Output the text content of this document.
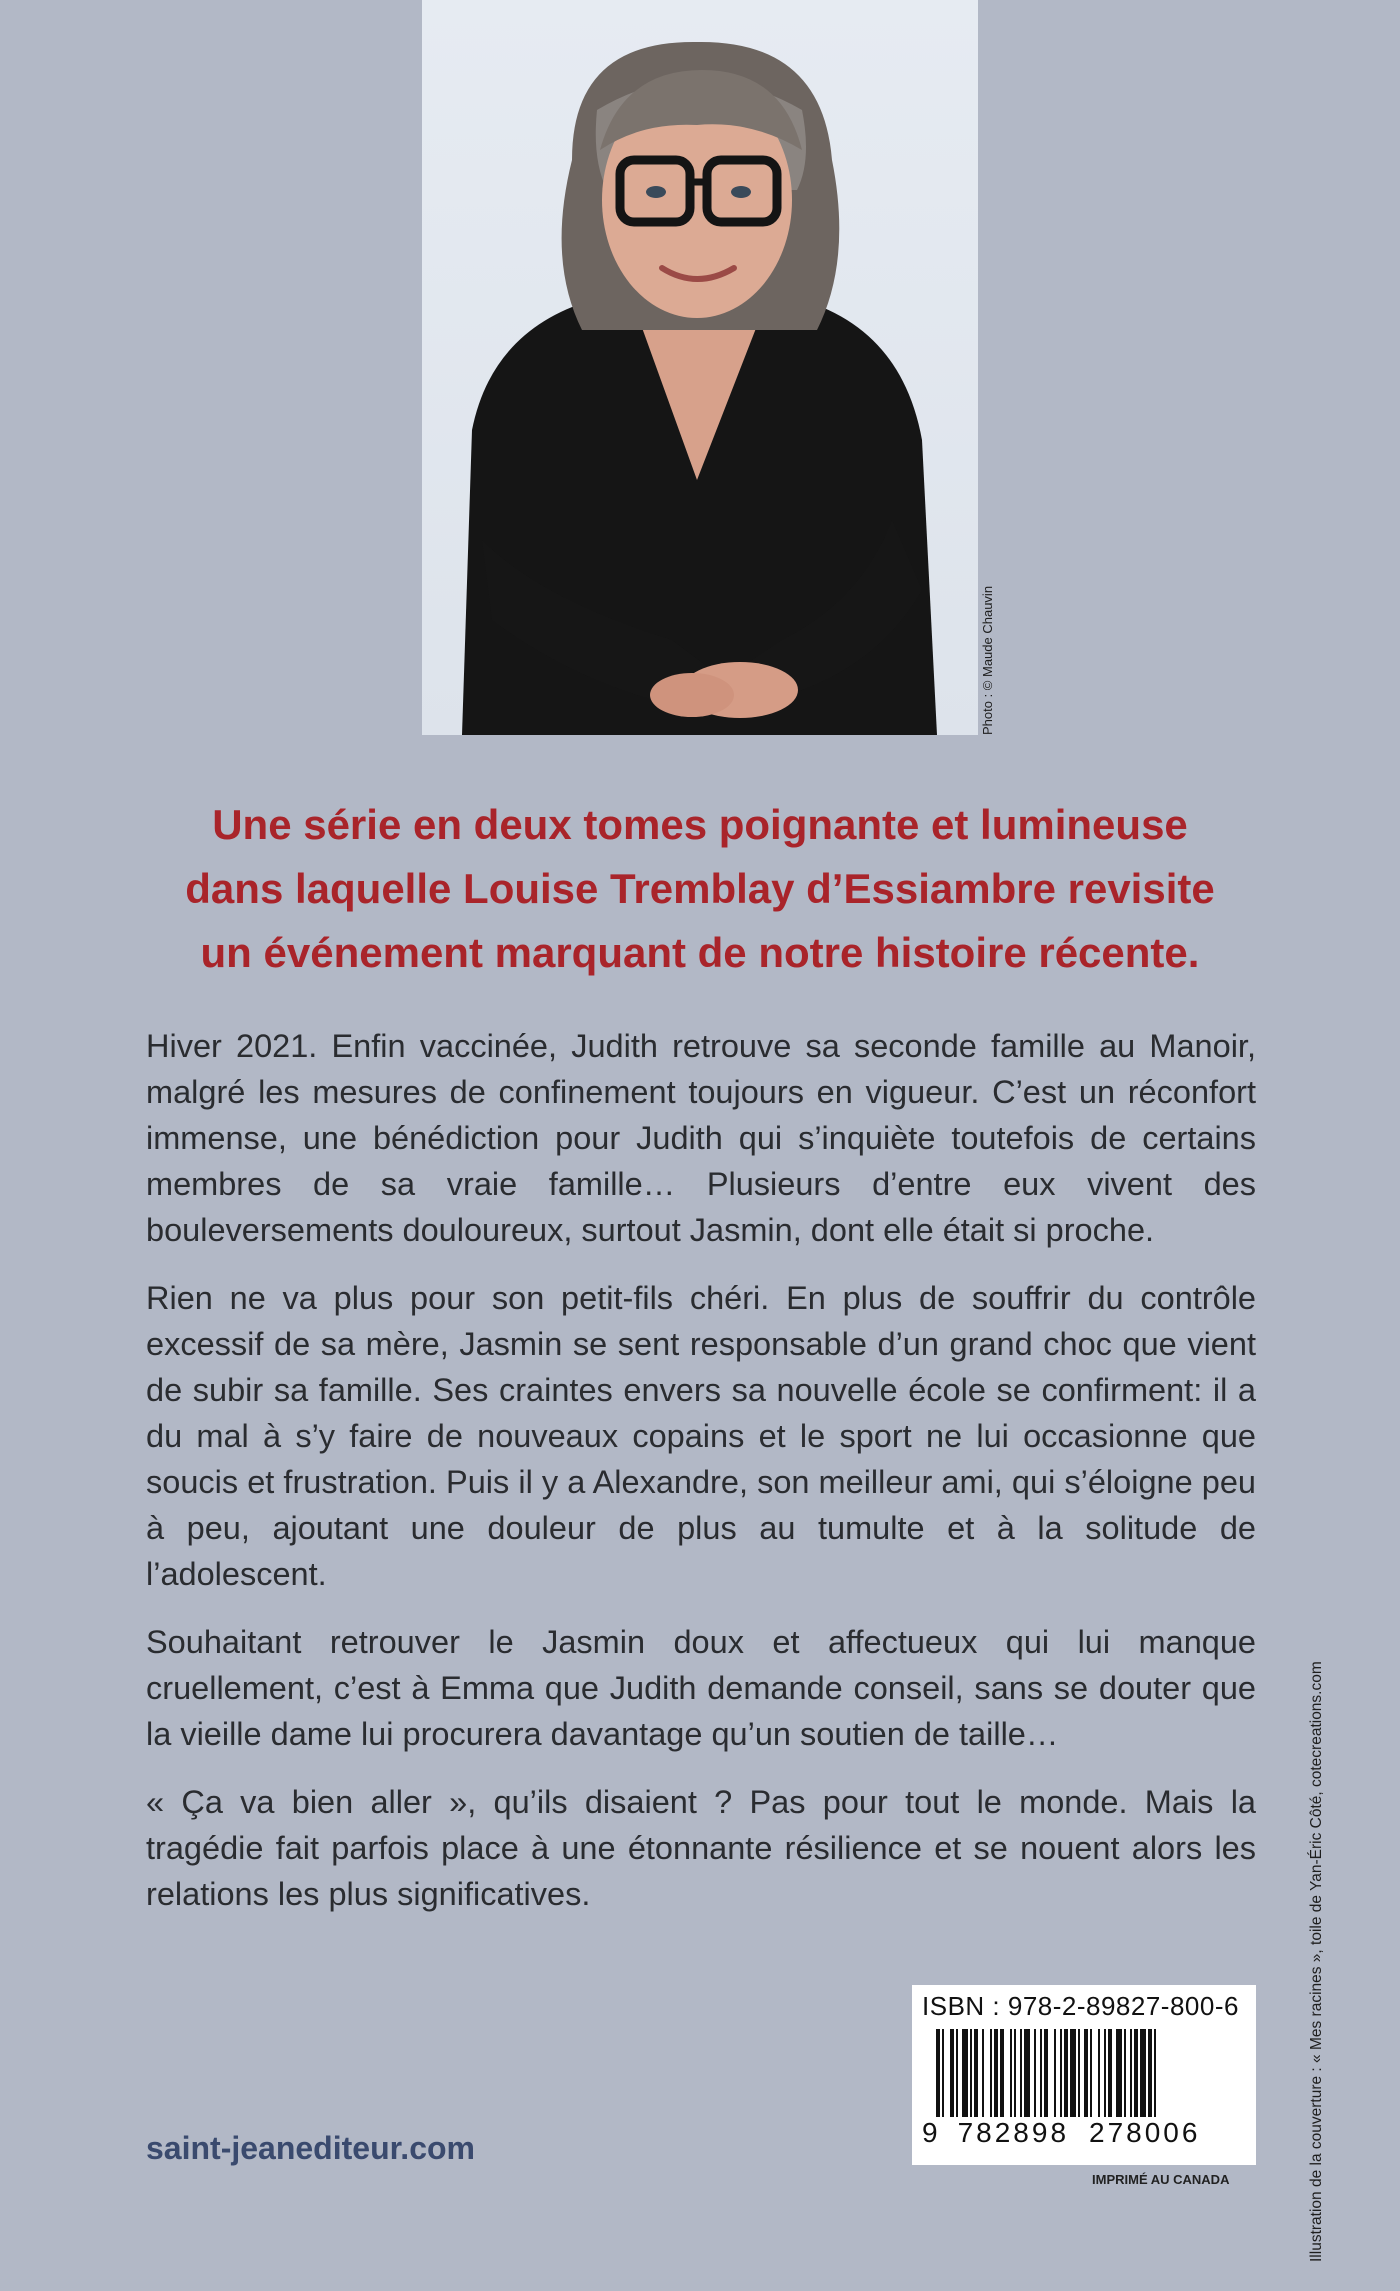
Photo : © Maude Chauvin
Une série en deux tomes poignante et lumineuse
dans laquelle Louise Tremblay d’Essiambre revisite
un événement marquant de notre histoire récente.

Hiver 2021. Enfin vaccinée, Judith retrouve sa seconde famille au Manoir, malgré les mesures de confinement toujours en vigueur. C’est un réconfort immense, une bénédiction pour Judith qui s’inquiète toutefois de certains membres de sa vraie famille… Plusieurs d’entre eux vivent des bouleversements douloureux, surtout Jasmin, dont elle était si proche.

Rien ne va plus pour son petit-fils chéri. En plus de souffrir du contrôle excessif de sa mère, Jasmin se sent responsable d’un grand choc que vient de subir sa famille. Ses craintes envers sa nouvelle école se confirment: il a du mal à s’y faire de nouveaux copains et le sport ne lui occasionne que soucis et frustration. Puis il y a Alexandre, son meilleur ami, qui s’éloigne peu à peu, ajoutant une douleur de plus au tumulte et à la solitude de l’adolescent.

Souhaitant retrouver le Jasmin doux et affectueux qui lui manque cruellement, c’est à Emma que Judith demande conseil, sans se douter que la vieille dame lui procurera davantage qu’un soutien de taille…

« Ça va bien aller », qu’ils disaient ? Pas pour tout le monde. Mais la tragédie fait parfois place à une étonnante résilience et se nouent alors les relations les plus significatives.

saint-jeanediteur.com
ISBN : 978-2-89827-800-6
9 782898 278006
IMPRIMÉ AU CANADA	Illustration de la couverture : « Mes racines », toile de Yan-Éric Côté, cotecreations.com
